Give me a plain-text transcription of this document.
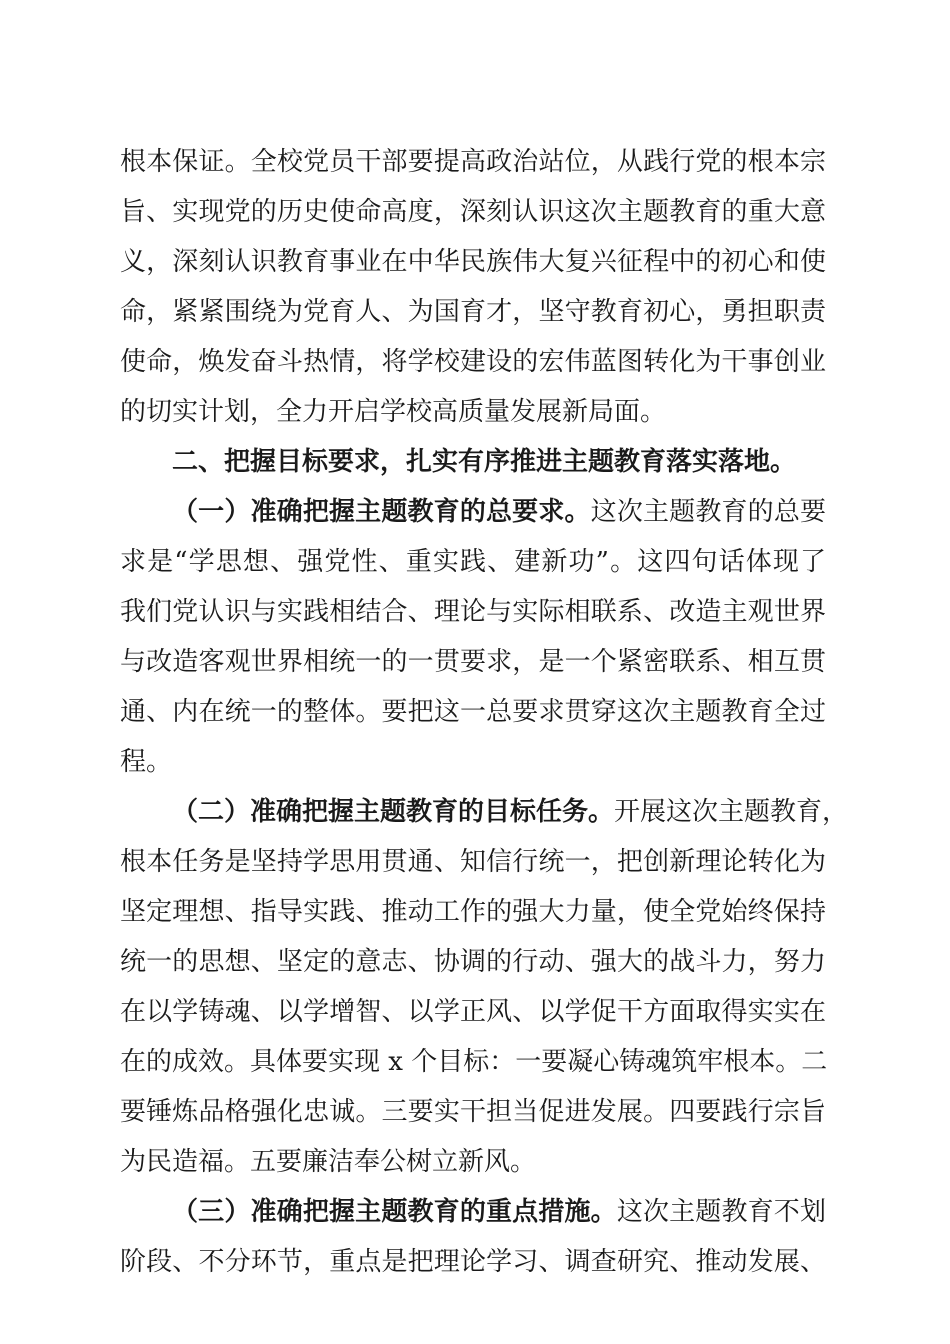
根本保证。全校党员干部要提高政治站位，从践行党的根本宗
旨、实现党的历史使命高度，深刻认识这次主题教育的重大意
义，深刻认识教育事业在中华民族伟大复兴征程中的初心和使
命，紧紧围绕为党育人、为国育才，坚守教育初心，勇担职责
使命，焕发奋斗热情，将学校建设的宏伟蓝图转化为干事创业
的切实计划，全力开启学校高质量发展新局面。
二、把握目标要求，扎实有序推进主题教育落实落地。
（一）准确把握主题教育的总要求。这次主题教育的总要
求是“学思想、强党性、重实践、建新功”。这四句话体现了
我们党认识与实践相结合、理论与实际相联系、改造主观世界
与改造客观世界相统一的一贯要求，是一个紧密联系、相互贯
通、内在统一的整体。要把这一总要求贯穿这次主题教育全过
程。
（二）准确把握主题教育的目标任务。开展这次主题教育，
根本任务是坚持学思用贯通、知信行统一，把创新理论转化为
坚定理想、指导实践、推动工作的强大力量，使全党始终保持
统一的思想、坚定的意志、协调的行动、强大的战斗力，努力
在以学铸魂、以学增智、以学正风、以学促干方面取得实实在
在的成效。具体要实现 x 个目标：一要凝心铸魂筑牢根本。二
要锤炼品格强化忠诚。三要实干担当促进发展。四要践行宗旨
为民造福。五要廉洁奉公树立新风。
（三）准确把握主题教育的重点措施。这次主题教育不划
阶段、不分环节，重点是把理论学习、调查研究、推动发展、
